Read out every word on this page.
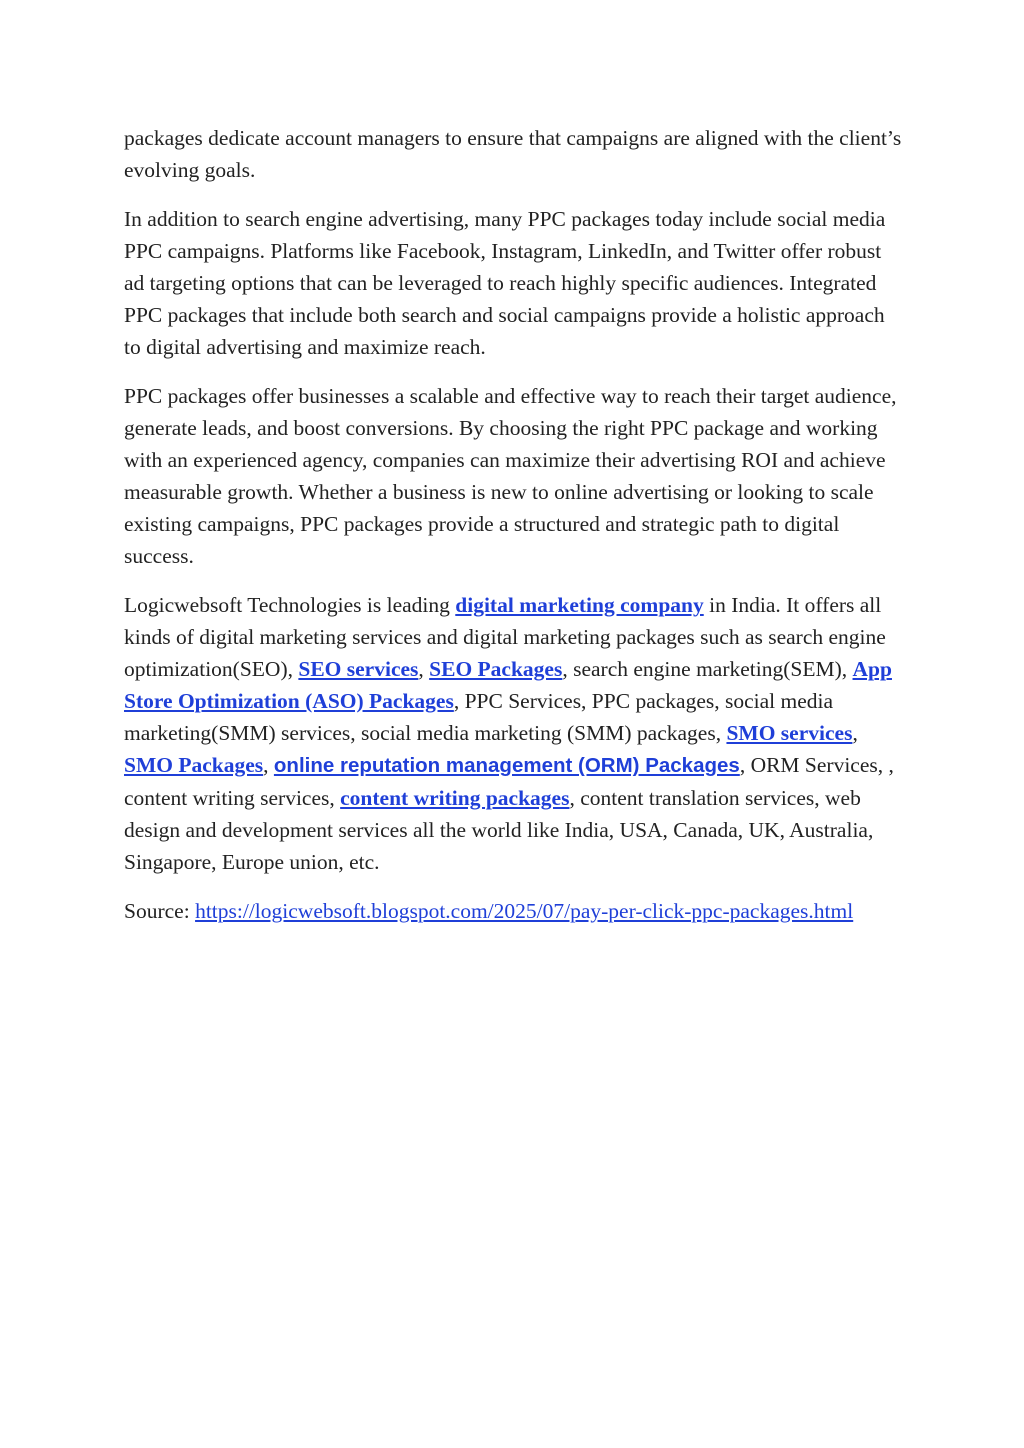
packages dedicate account managers to ensure that campaigns are aligned with the client’s evolving goals.

In addition to search engine advertising, many PPC packages today include social media PPC campaigns. Platforms like Facebook, Instagram, LinkedIn, and Twitter offer robust ad targeting options that can be leveraged to reach highly specific audiences. Integrated PPC packages that include both search and social campaigns provide a holistic approach to digital advertising and maximize reach.

PPC packages offer businesses a scalable and effective way to reach their target audience, generate leads, and boost conversions. By choosing the right PPC package and working with an experienced agency, companies can maximize their advertising ROI and achieve measurable growth. Whether a business is new to online advertising or looking to scale existing campaigns, PPC packages provide a structured and strategic path to digital success.

Logicwebsoft Technologies is leading digital marketing company in India. It offers all kinds of digital marketing services and digital marketing packages such as search engine optimization(SEO), SEO services, SEO Packages, search engine marketing(SEM), App Store Optimization (ASO) Packages, PPC Services, PPC packages, social media marketing(SMM) services, social media marketing (SMM) packages, SMO services, SMO Packages, online reputation management (ORM) Packages, ORM Services, , content writing services, content writing packages, content translation services, web design and development services all the world like India, USA, Canada, UK, Australia, Singapore, Europe union, etc.

Source: https://logicwebsoft.blogspot.com/2025/07/pay-per-click-ppc-packages.html
